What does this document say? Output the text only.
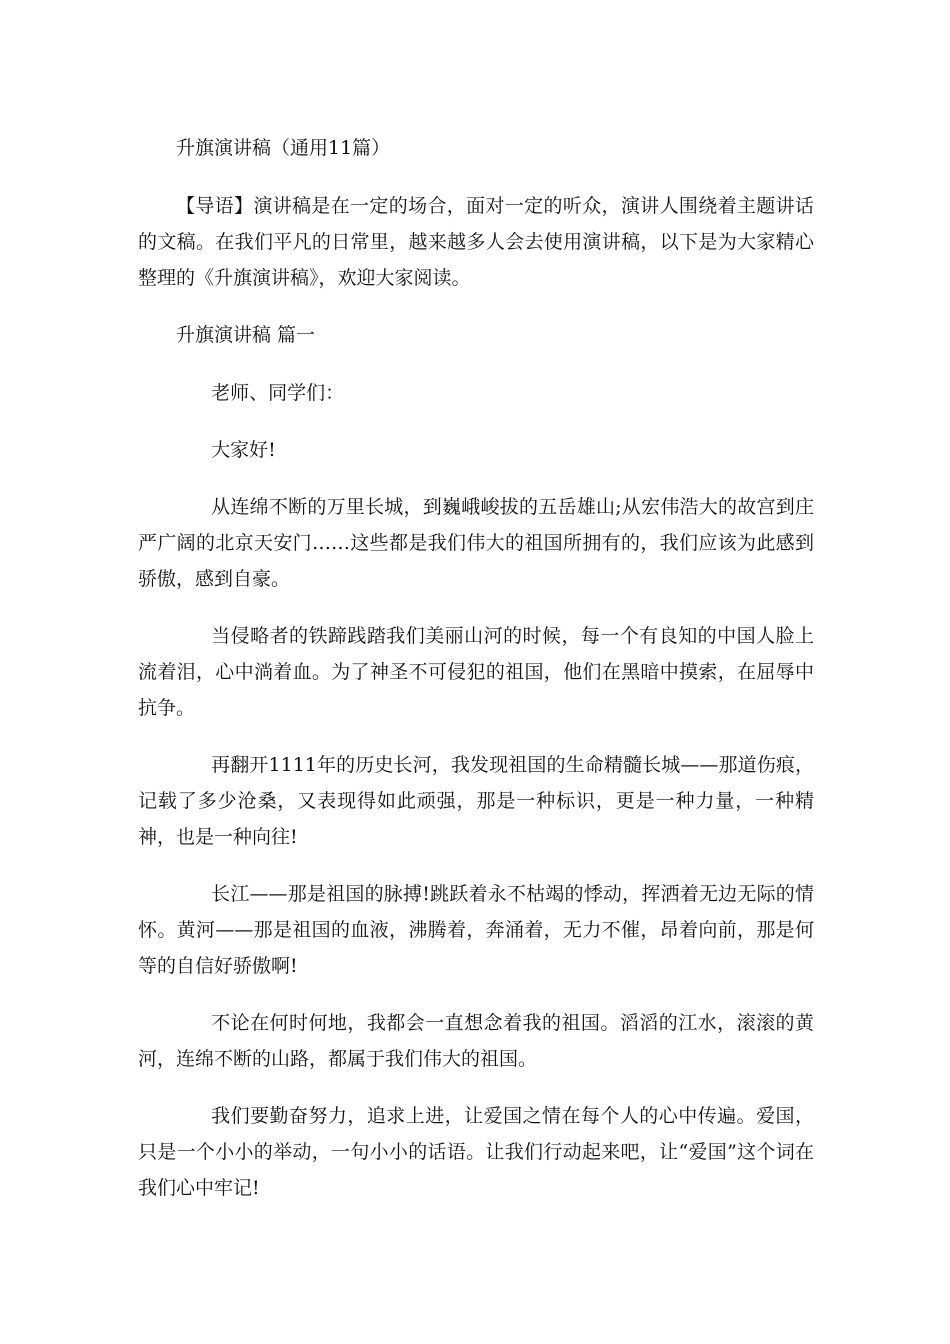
升旗演讲稿（通用11篇）

【导语】演讲稿是在一定的场合，面对一定的听众，演讲人围绕着主题讲话的文稿。在我们平凡的日常里，越来越多人会去使用演讲稿，以下是为大家精心整理的《升旗演讲稿》，欢迎大家阅读。

升旗演讲稿 篇一

老师、同学们：

大家好!

从连绵不断的万里长城，到巍峨峻拔的五岳雄山;从宏伟浩大的故宫到庄严广阔的北京天安门……这些都是我们伟大的祖国所拥有的，我们应该为此感到骄傲，感到自豪。

当侵略者的铁蹄践踏我们美丽山河的时候，每一个有良知的中国人脸上流着泪，心中淌着血。为了神圣不可侵犯的祖国，他们在黑暗中摸索，在屈辱中抗争。

再翻开1111年的历史长河，我发现祖国的生命精髓长城——那道伤痕，记载了多少沧桑，又表现得如此顽强，那是一种标识，更是一种力量，一种精神，也是一种向往!

长江——那是祖国的脉搏!跳跃着永不枯竭的悸动，挥洒着无边无际的情怀。黄河——那是祖国的血液，沸腾着，奔涌着，无力不催，昂着向前，那是何等的自信好骄傲啊!

不论在何时何地，我都会一直想念着我的祖国。滔滔的江水，滚滚的黄河，连绵不断的山路，都属于我们伟大的祖国。

我们要勤奋努力，追求上进，让爱国之情在每个人的心中传遍。爱国，只是一个小小的举动，一句小小的话语。让我们行动起来吧，让“爱国”这个词在我们心中牢记!
